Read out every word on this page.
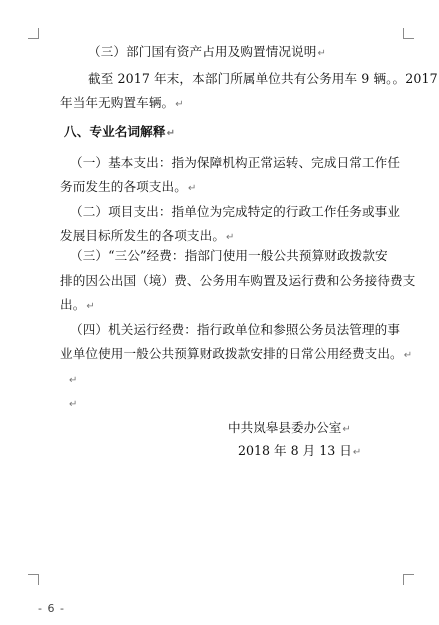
（三）部门国有资产占用及购置情况说明↵
截至 2017 年末，本部门所属单位共有公务用车 9 辆。。2017
年当年无购置车辆。↵
八、专业名词解释↵
（一）基本支出：指为保障机构正常运转、完成日常工作任
务而发生的各项支出。↵
（二）项目支出：指单位为完成特定的行政工作任务或事业
发展目标所发生的各项支出。↵
（三）“三公”经费：指部门使用一般公共预算财政拨款安
排的因公出国（境）费、公务用车购置及运行费和公务接待费支
出。↵
（四）机关运行经费：指行政单位和参照公务员法管理的事
业单位使用一般公共预算财政拨款安排的日常公用经费支出。↵
↵
↵
中共岚皋县委办公室↵
2018 年 8 月 13 日↵
- 6 -
